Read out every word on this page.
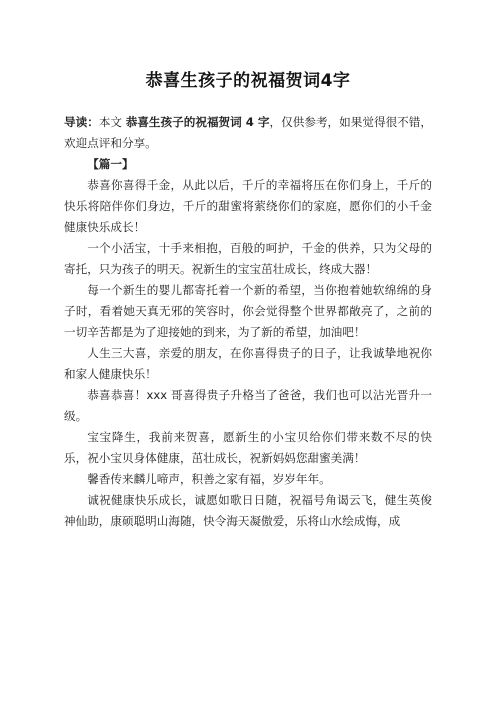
恭喜生孩子的祝福贺词4字

导读：本文 恭喜生孩子的祝福贺词 4 字，仅供参考，如果觉得很不错，欢迎点评和分享。

【篇一】

恭喜你喜得千金，从此以后，千斤的幸福将压在你们身上，千斤的快乐将陪伴你们身边，千斤的甜蜜将萦绕你们的家庭，愿你们的小千金健康快乐成长！

一个小活宝，十手来相抱，百般的呵护，千金的供养，只为父母的寄托，只为孩子的明天。祝新生的宝宝茁壮成长，终成大器！

每一个新生的婴儿都寄托着一个新的希望，当你抱着她软绵绵的身子时，看着她天真无邪的笑容时，你会觉得整个世界都敞亮了，之前的一切辛苦都是为了迎接她的到来，为了新的希望，加油吧！

人生三大喜，亲爱的朋友，在你喜得贵子的日子，让我诚挚地祝你和家人健康快乐！

恭喜恭喜！xxx 哥喜得贵子升格当了爸爸，我们也可以沾光晋升一级。

宝宝降生，我前来贺喜，愿新生的小宝贝给你们带来数不尽的快乐，祝小宝贝身体健康，茁壮成长，祝新妈妈您甜蜜美满！

馨香传来麟儿啼声，积善之家有福，岁岁年年。

诚祝健康快乐成长，诚愿如歌日日随，祝福号角谒云飞，健生英俊神仙助，康硕聪明山海随，快令海天凝傲爱，乐将山水绘成悔，成
